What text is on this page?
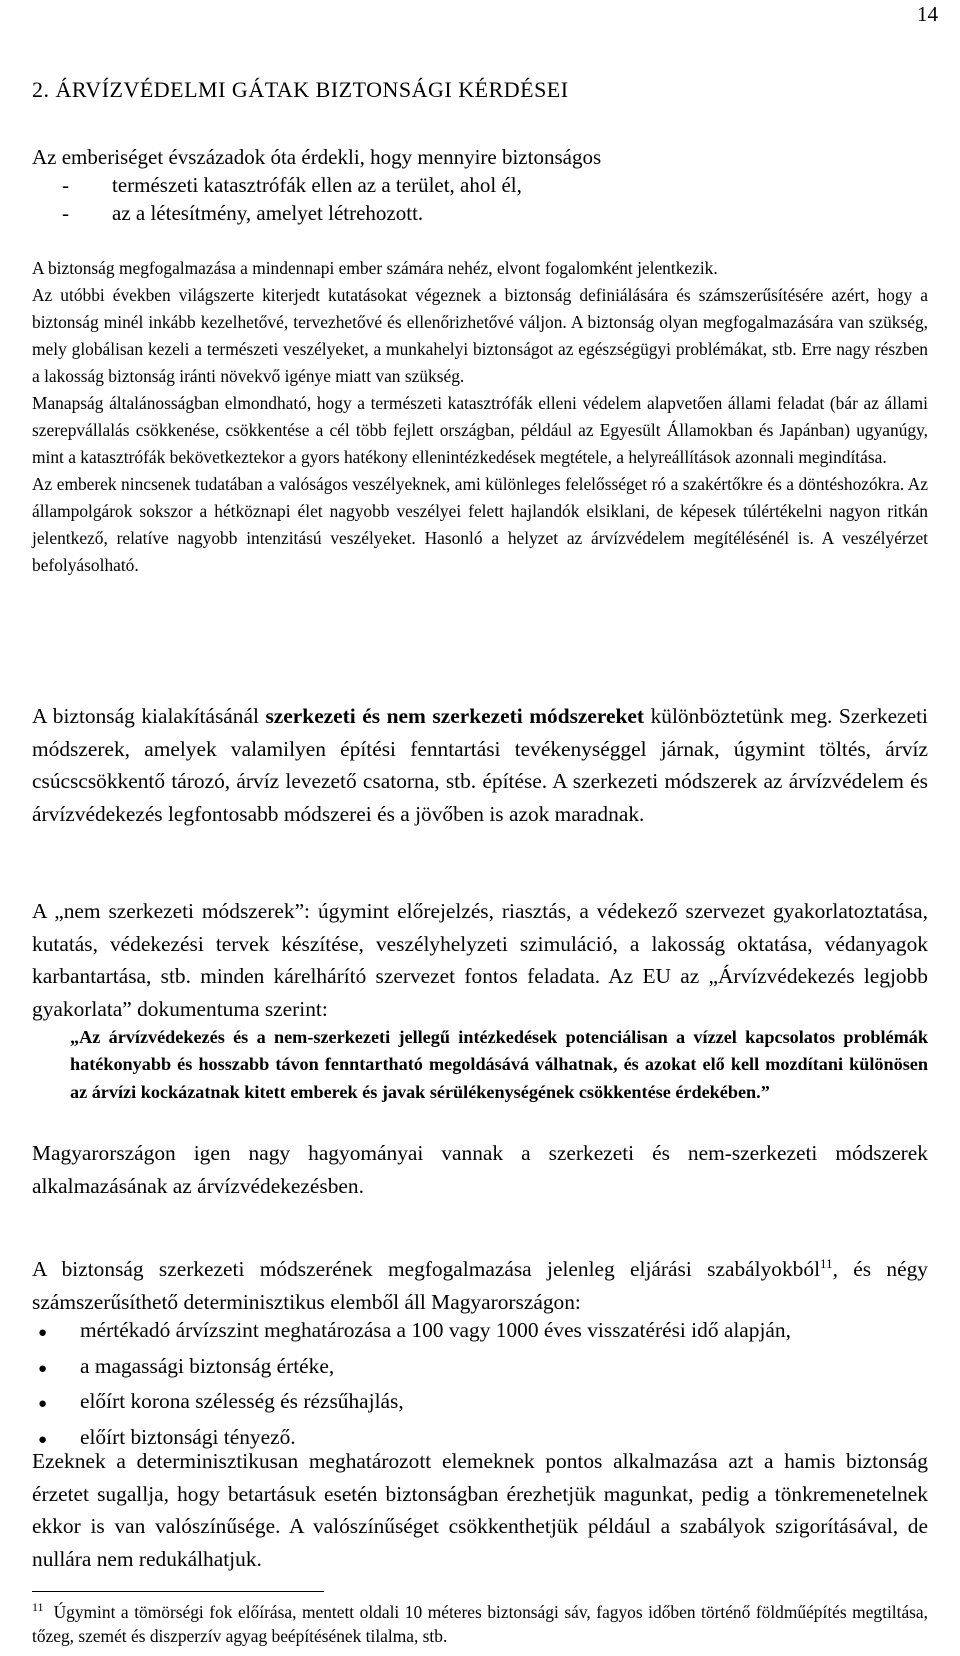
14
2. ÁRVÍZVÉDELMI GÁTAK BIZTONSÁGI KÉRDÉSEI
Az emberiséget évszázadok óta érdekli, hogy mennyire biztonságos
-	természeti katasztrófák ellen az a terület, ahol él,
-	az a létesítmény, amelyet létrehozott.
A biztonság megfogalmazása a mindennapi ember számára nehéz, elvont fogalomként jelentkezik.
Az utóbbi években világszerte kiterjedt kutatásokat végeznek a biztonság definiálására és számszerűsítésére azért, hogy a biztonság minél inkább kezelhetővé, tervezhetővé és ellenőrizhetővé váljon. A biztonság olyan megfogalmazására van szükség, mely globálisan kezeli a természeti veszélyeket, a munkahelyi biztonságot az egészségügyi problémákat, stb. Erre nagy részben a lakosság biztonság iránti növekvő igénye miatt van szükség.
Manapság általánosságban elmondható, hogy a természeti katasztrófák elleni védelem alapvetően állami feladat (bár az állami szerepvállalás csökkenése, csökkentése a cél több fejlett országban, például az Egyesült Államokban és Japánban) ugyanúgy, mint a katasztrófák bekövetkeztekor a gyors hatékony ellenintézkedések megtétele, a helyreállítások azonnali megindítása.
Az emberek nincsenek tudatában a valóságos veszélyeknek, ami különleges felelősséget ró a szakértőkre és a döntéshozókra. Az állampolgárok sokszor a hétköznapi élet nagyobb veszélyei felett hajlandók elsiklani, de képesek túlértékelni nagyon ritkán jelentkező, relatíve nagyobb intenzitású veszélyeket. Hasonló a helyzet az árvízvédelem megítélésénél is. A veszélyérzet befolyásolható.
A biztonság kialakításánál szerkezeti és nem szerkezeti módszereket különböztetünk meg. Szerkezeti módszerek, amelyek valamilyen építési fenntartási tevékenységgel járnak, úgymint töltés, árvíz csúcscsökkentő tározó, árvíz levezető csatorna, stb. építése. A szerkezeti módszerek az árvízvédelem és árvízvédekezés legfontosabb módszerei és a jövőben is azok maradnak.
A „nem szerkezeti módszerek”: úgymint előrejelzés, riasztás, a védekező szervezet gyakorlatoztatása, kutatás, védekezési tervek készítése, veszélyhelyzeti szimuláció, a lakosság oktatása, védanyagok karbantartása, stb. minden kárelhárító szervezet fontos feladata. Az EU az „Árvízvédekezés legjobb gyakorlata” dokumentuma szerint:
„Az árvízvédekezés és a nem-szerkezeti jellegű intézkedések potenciálisan a vízzel kapcsolatos problémák hatékonyabb és hosszabb távon fenntartható megoldásává válhatnak, és azokat elő kell mozdítani különösen az árvízi kockázatnak kitett emberek és javak sérülékenységének csökkentése érdekében.”
Magyarországon igen nagy hagyományai vannak a szerkezeti és nem-szerkezeti módszerek alkalmazásának az árvízvédekezésben.
A biztonság szerkezeti módszerének megfogalmazása jelenleg eljárási szabályokból$^{11}$, és négy számszerűsíthető determinisztikus elemből áll Magyarországon:
●	mértékadó árvízszint meghatározása a 100 vagy 1000 éves visszatérési idő alapján,
●	a magassági biztonság értéke,
●	előírt korona szélesség és rézsűhajlás,
●	előírt biztonsági tényező.
Ezeknek a determinisztikusan meghatározott elemeknek pontos alkalmazása azt a hamis biztonság érzetet sugallja, hogy betartásuk esetén biztonságban érezhetjük magunkat, pedig a tönkremenetelnek ekkor is van valószínűsége. A valószínűséget csökkenthetjük például a szabályok szigorításával, de nullára nem redukálhatjuk.
$^{11}$ Úgymint a tömörségi fok előírása, mentett oldali 10 méteres biztonsági sáv, fagyos időben történő földműépítés megtiltása, tőzeg, szemét és diszperzív agyag beépítésének tilalma, stb.
